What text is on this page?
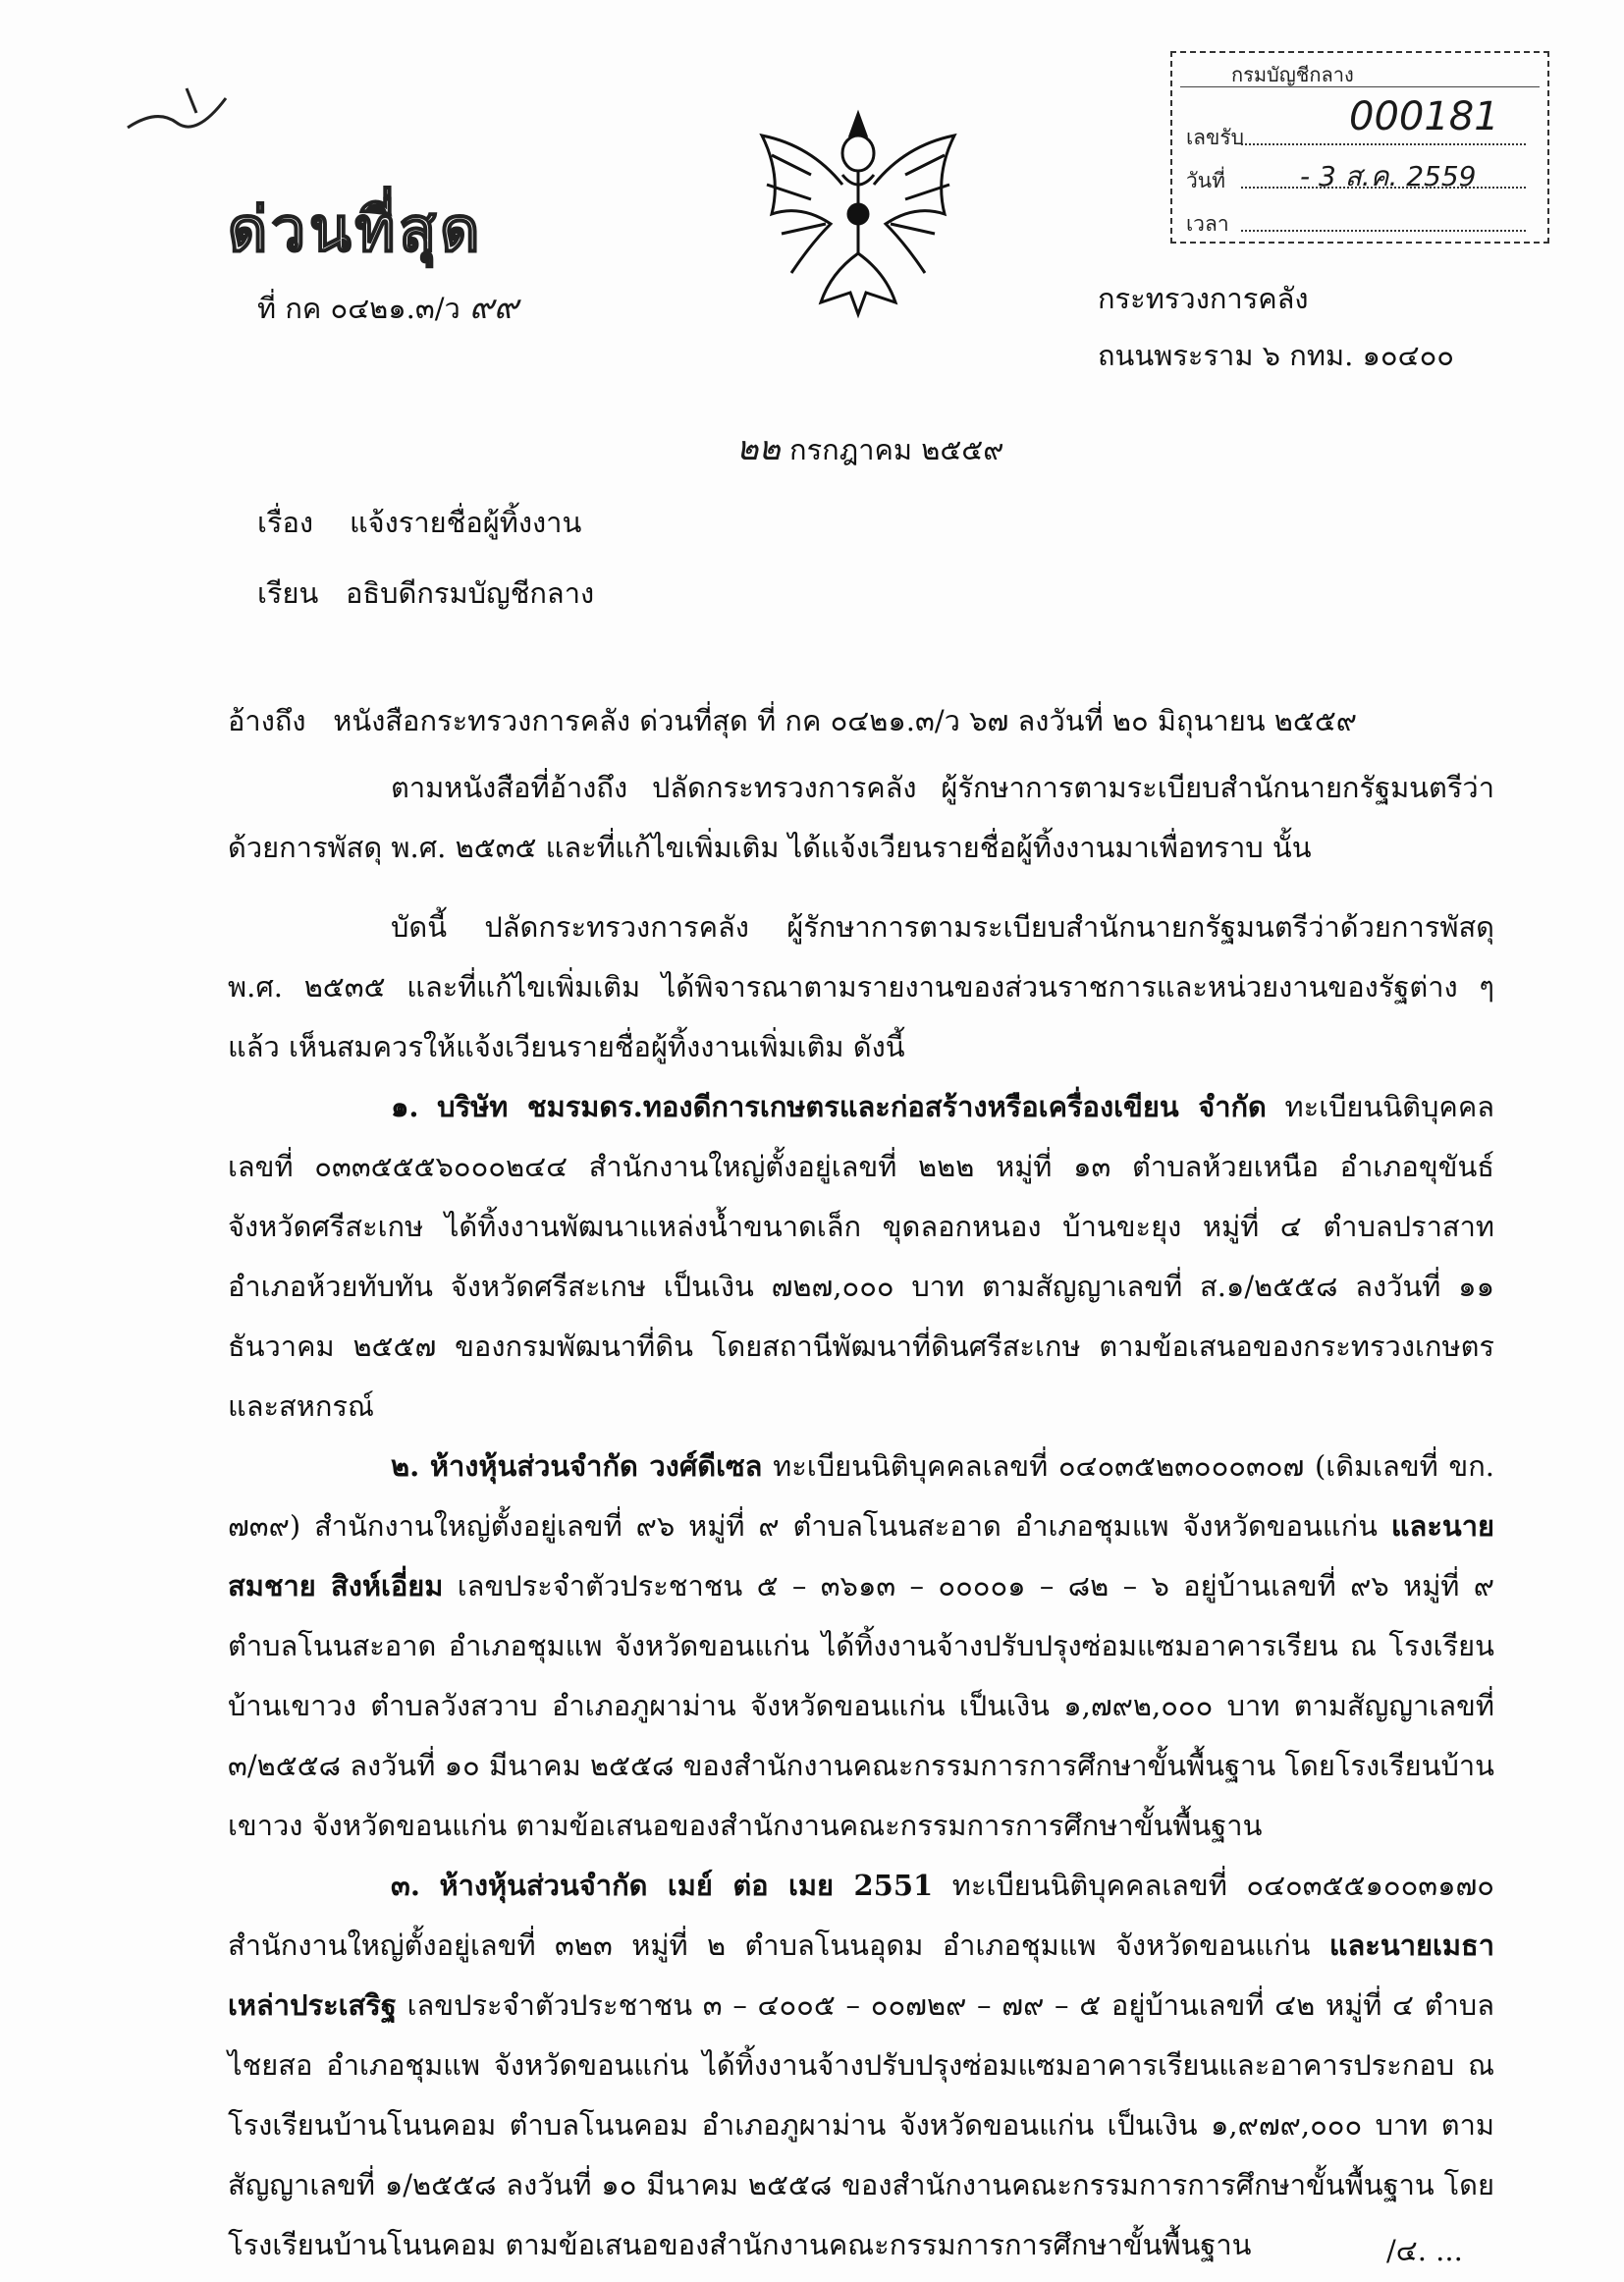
ด่วนที่สุด
ที่ กค ๐๔๒๑.๓/ว ๙๙
กรมบัญชีกลาง
เลขรับ	000181
วันที่	- 3 ส.ค. 2559
เวลา
กระทรวงการคลัง
ถนนพระราม ๖ กทม. ๑๐๔๐๐
๒๒ กรกฎาคม ๒๕๕๙
เรื่อง แจ้งรายชื่อผู้ทิ้งงาน
เรียน อธิบดีกรมบัญชีกลาง
อ้างถึง หนังสือกระทรวงการคลัง ด่วนที่สุด ที่ กค ๐๔๒๑.๓/ว ๖๗ ลงวันที่ ๒๐ มิถุนายน ๒๕๕๙

ตามหนังสือที่อ้างถึง ปลัดกระทรวงการคลัง ผู้รักษาการตามระเบียบสำนักนายกรัฐมนตรีว่าด้วยการพัสดุ พ.ศ. ๒๕๓๕ และที่แก้ไขเพิ่มเติม ได้แจ้งเวียนรายชื่อผู้ทิ้งงานมาเพื่อทราบ นั้น

บัดนี้ ปลัดกระทรวงการคลัง ผู้รักษาการตามระเบียบสำนักนายกรัฐมนตรีว่าด้วยการพัสดุ พ.ศ. ๒๕๓๕ และที่แก้ไขเพิ่มเติม ได้พิจารณาตามรายงานของส่วนราชการและหน่วยงานของรัฐต่าง ๆ แล้ว เห็นสมควรให้แจ้งเวียนรายชื่อผู้ทิ้งงานเพิ่มเติม ดังนี้

๑. บริษัท ชมรมดร.ทองดีการเกษตรและก่อสร้างหรือเครื่องเขียน จำกัด ทะเบียนนิติบุคคลเลขที่ ๐๓๓๕๕๕๖๐๐๐๒๔๔ สำนักงานใหญ่ตั้งอยู่เลขที่ ๒๒๒ หมู่ที่ ๑๓ ตำบลห้วยเหนือ อำเภอขุขันธ์ จังหวัดศรีสะเกษ ได้ทิ้งงานพัฒนาแหล่งน้ำขนาดเล็ก ขุดลอกหนอง บ้านขะยุง หมู่ที่ ๔ ตำบลปราสาท อำเภอห้วยทับทัน จังหวัดศรีสะเกษ เป็นเงิน ๗๒๗,๐๐๐ บาท ตามสัญญาเลขที่ ส.๑/๒๕๕๘ ลงวันที่ ๑๑ ธันวาคม ๒๕๕๗ ของกรมพัฒนาที่ดิน โดยสถานีพัฒนาที่ดินศรีสะเกษ ตามข้อเสนอของกระทรวงเกษตรและสหกรณ์

๒. ห้างหุ้นส่วนจำกัด วงศ์ดีเซล ทะเบียนนิติบุคคลเลขที่ ๐๔๐๓๕๒๓๐๐๐๓๐๗ (เดิมเลขที่ ขก. ๗๓๙) สำนักงานใหญ่ตั้งอยู่เลขที่ ๙๖ หมู่ที่ ๙ ตำบลโนนสะอาด อำเภอชุมแพ จังหวัดขอนแก่น และนายสมชาย สิงห์เอี่ยม เลขประจำตัวประชาชน ๕ – ๓๖๑๓ – ๐๐๐๐๑ – ๘๒ – ๖ อยู่บ้านเลขที่ ๙๖ หมู่ที่ ๙ ตำบลโนนสะอาด อำเภอชุมแพ จังหวัดขอนแก่น ได้ทิ้งงานจ้างปรับปรุงซ่อมแซมอาคารเรียน ณ โรงเรียนบ้านเขาวง ตำบลวังสวาบ อำเภอภูผาม่าน จังหวัดขอนแก่น เป็นเงิน ๑,๗๙๒,๐๐๐ บาท ตามสัญญาเลขที่ ๓/๒๕๕๘ ลงวันที่ ๑๐ มีนาคม ๒๕๕๘ ของสำนักงานคณะกรรมการการศึกษาขั้นพื้นฐาน โดยโรงเรียนบ้านเขาวง จังหวัดขอนแก่น ตามข้อเสนอของสำนักงานคณะกรรมการการศึกษาขั้นพื้นฐาน

๓. ห้างหุ้นส่วนจำกัด เมย์ ต่อ เมย 2551 ทะเบียนนิติบุคคลเลขที่ ๐๔๐๓๕๕๑๐๐๓๑๗๐ สำนักงานใหญ่ตั้งอยู่เลขที่ ๓๒๓ หมู่ที่ ๒ ตำบลโนนอุดม อำเภอชุมแพ จังหวัดขอนแก่น และนายเมธา เหล่าประเสริฐ เลขประจำตัวประชาชน ๓ – ๔๐๐๕ – ๐๐๗๒๙ – ๗๙ – ๕ อยู่บ้านเลขที่ ๔๒ หมู่ที่ ๔ ตำบลไชยสอ อำเภอชุมแพ จังหวัดขอนแก่น ได้ทิ้งงานจ้างปรับปรุงซ่อมแซมอาคารเรียนและอาคารประกอบ ณ โรงเรียนบ้านโนนคอม ตำบลโนนคอม อำเภอภูผาม่าน จังหวัดขอนแก่น เป็นเงิน ๑,๙๗๙,๐๐๐ บาท ตามสัญญาเลขที่ ๑/๒๕๕๘ ลงวันที่ ๑๐ มีนาคม ๒๕๕๘ ของสำนักงานคณะกรรมการการศึกษาขั้นพื้นฐาน โดยโรงเรียนบ้านโนนคอม ตามข้อเสนอของสำนักงานคณะกรรมการการศึกษาขั้นพื้นฐาน	/๔. ...
